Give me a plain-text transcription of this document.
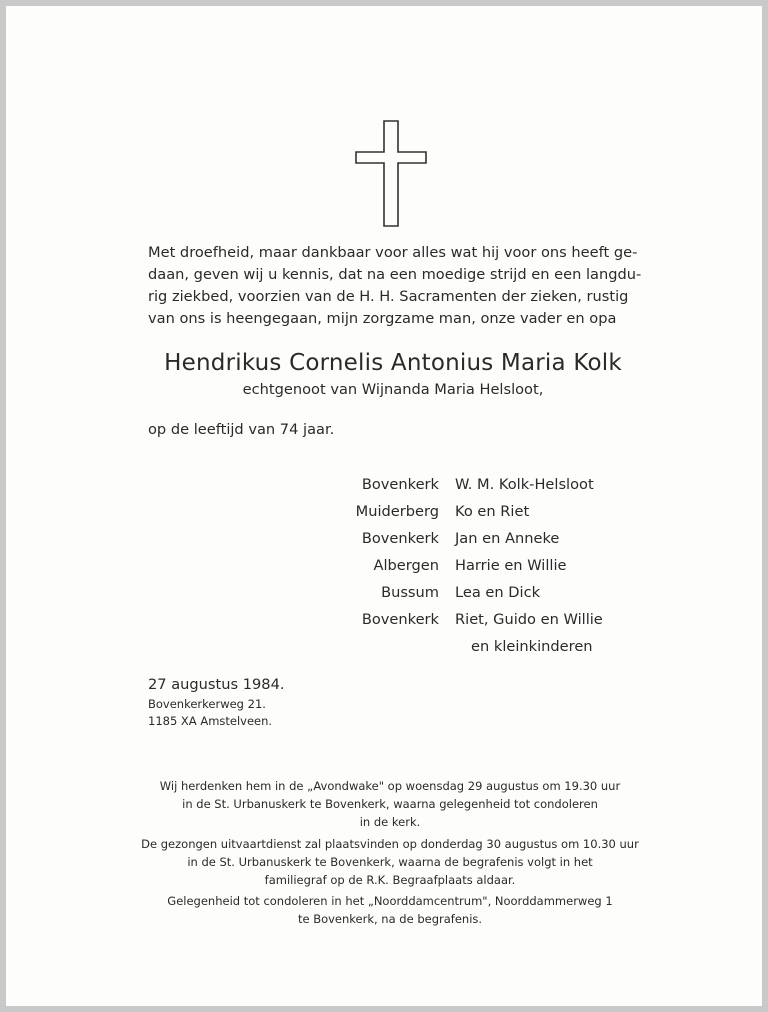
Met droefheid, maar dankbaar voor alles wat hij voor ons heeft ge-
daan, geven wij u kennis, dat na een moedige strijd en een langdu-
rig ziekbed, voorzien van de H. H. Sacramenten der zieken, rustig
van ons is heengegaan, mijn zorgzame man, onze vader en opa
Hendrikus Cornelis Antonius Maria Kolk
echtgenoot van Wijnanda Maria Helsloot,
op de leeftijd van 74 jaar.
Bovenkerk	W. M. Kolk-Helsloot
Muiderberg	Ko en Riet
Bovenkerk	Jan en Anneke
Albergen	Harrie en Willie
Bussum	Lea en Dick
Bovenkerk	Riet, Guido en Willie
en kleinkinderen
27 augustus 1984.
Bovenkerkerweg 21.
1185 XA Amstelveen.
Wij herdenken hem in de „Avondwake" op woensdag 29 augustus om 19.30 uur
in de St. Urbanuskerk te Bovenkerk, waarna gelegenheid tot condoleren
in de kerk.
De gezongen uitvaartdienst zal plaatsvinden op donderdag 30 augustus om 10.30 uur
in de St. Urbanuskerk te Bovenkerk, waarna de begrafenis volgt in het
familiegraf op de R.K. Begraafplaats aldaar.
Gelegenheid tot condoleren in het „Noorddamcentrum", Noorddammerweg 1
te Bovenkerk, na de begrafenis.
